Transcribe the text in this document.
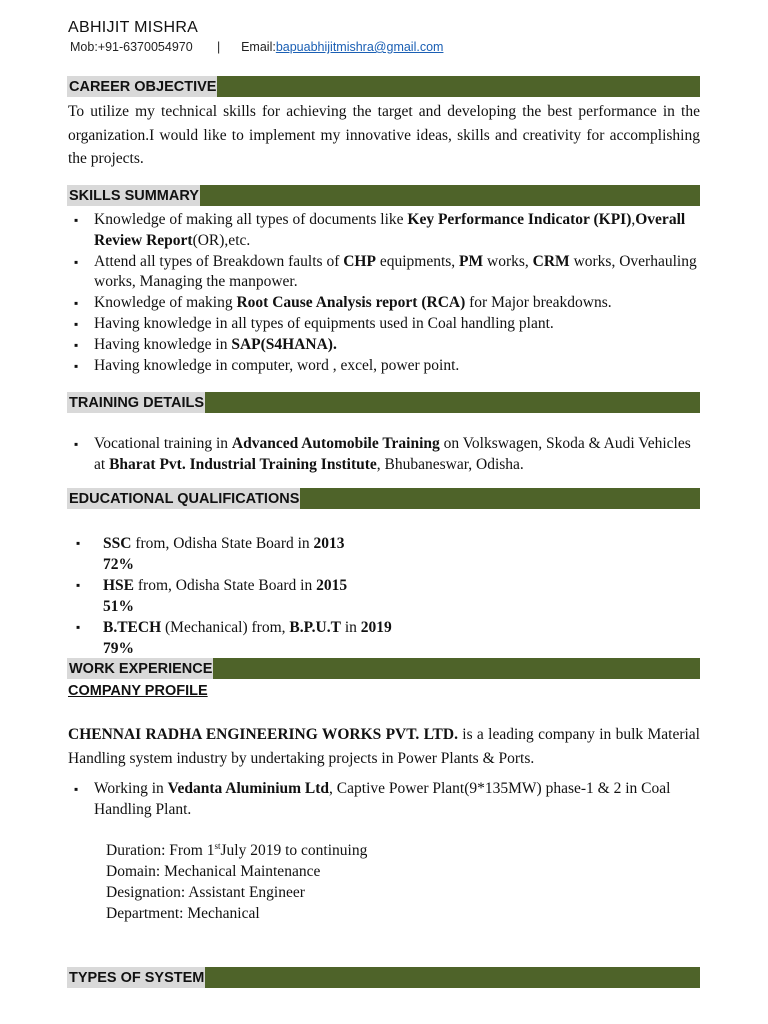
ABHIJIT MISHRA
Mob:+91-6370054970 | Email:bapuabhijitmishra@gmail.com
CAREER OBJECTIVE
To utilize my technical skills for achieving the target and developing the best performance in the organization.I would like to implement my innovative ideas, skills and creativity for accomplishing the projects.
SKILLS SUMMARY
▪ Knowledge of making all types of documents like Key Performance Indicator (KPI),Overall Review Report(OR),etc.
▪ Attend all types of Breakdown faults of CHP equipments, PM works, CRM works, Overhauling works, Managing the manpower.
▪ Knowledge of making Root Cause Analysis report (RCA) for Major breakdowns.
▪ Having knowledge in all types of equipments used in Coal handling plant.
▪ Having knowledge in SAP(S4HANA).
▪ Having knowledge in computer, word , excel, power point.
TRAINING DETAILS
▪ Vocational training in Advanced Automobile Training on Volkswagen, Skoda & Audi Vehicles at Bharat Pvt. Industrial Training Institute, Bhubaneswar, Odisha.
EDUCATIONAL QUALIFICATIONS
▪ SSC from, Odisha State Board in 2013
72%
▪ HSE from, Odisha State Board in 2015
51%
▪ B.TECH (Mechanical) from, B.P.U.T in 2019
79%
WORK EXPERIENCE
COMPANY PROFILE
CHENNAI RADHA ENGINEERING WORKS PVT. LTD. is a leading company in bulk Material Handling system industry by undertaking projects in Power Plants & Ports.
▪ Working in Vedanta Aluminium Ltd, Captive Power Plant(9*135MW) phase-1 & 2 in Coal Handling Plant.
Duration: From 1stJuly 2019 to continuing
Domain: Mechanical Maintenance
Designation: Assistant Engineer
Department: Mechanical
TYPES OF SYSTEM
